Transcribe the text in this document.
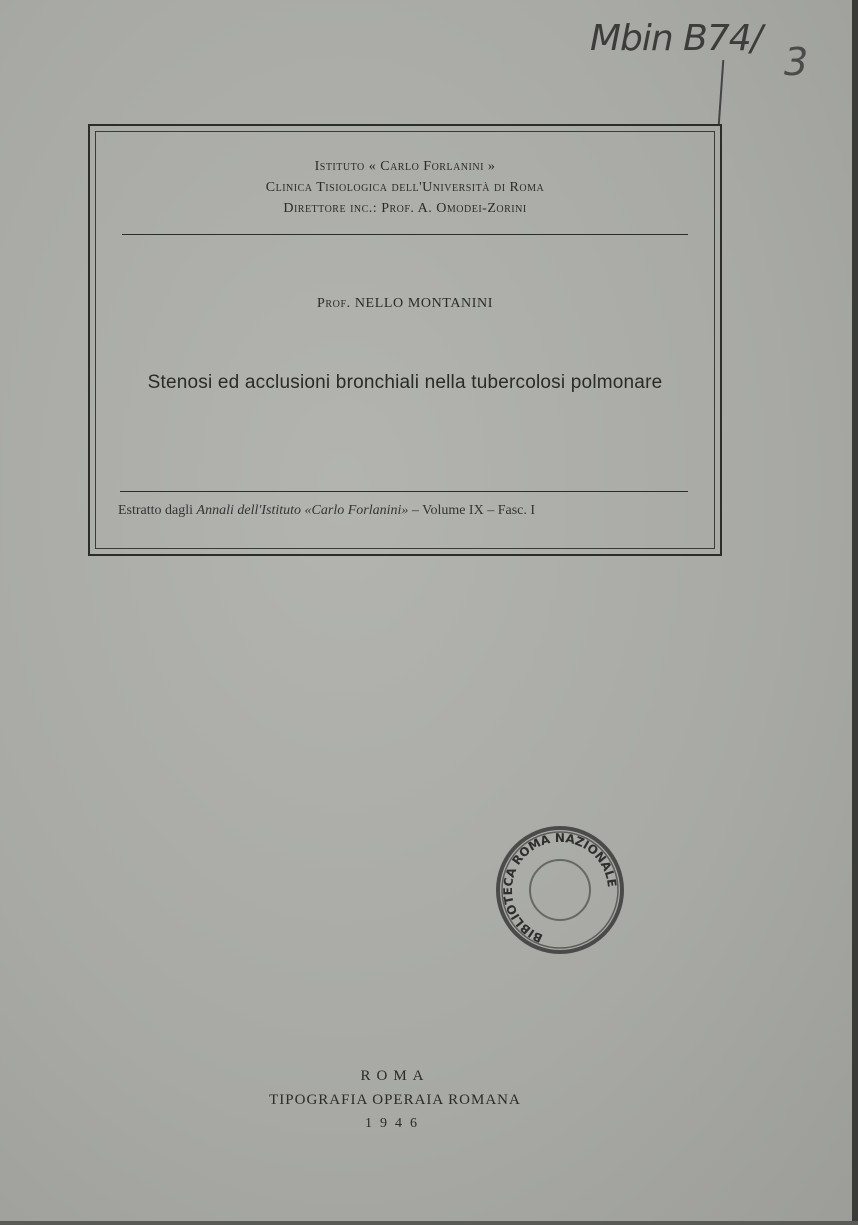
Mbin B74/
3
Istituto « Carlo Forlanini »
Clinica Tisiologica dell'Università di Roma
Direttore inc.: Prof. A. Omodei-Zorini
Prof. NELLO MONTANINI
Stenosi ed acclusioni bronchiali nella tubercolosi polmonare
Estratto dagli Annali dell'Istituto «Carlo Forlanini» – Volume IX – Fasc. I
BIBLIOTECA ROMA NAZIONALE
ROMA
TIPOGRAFIA OPERAIA ROMANA
1946
